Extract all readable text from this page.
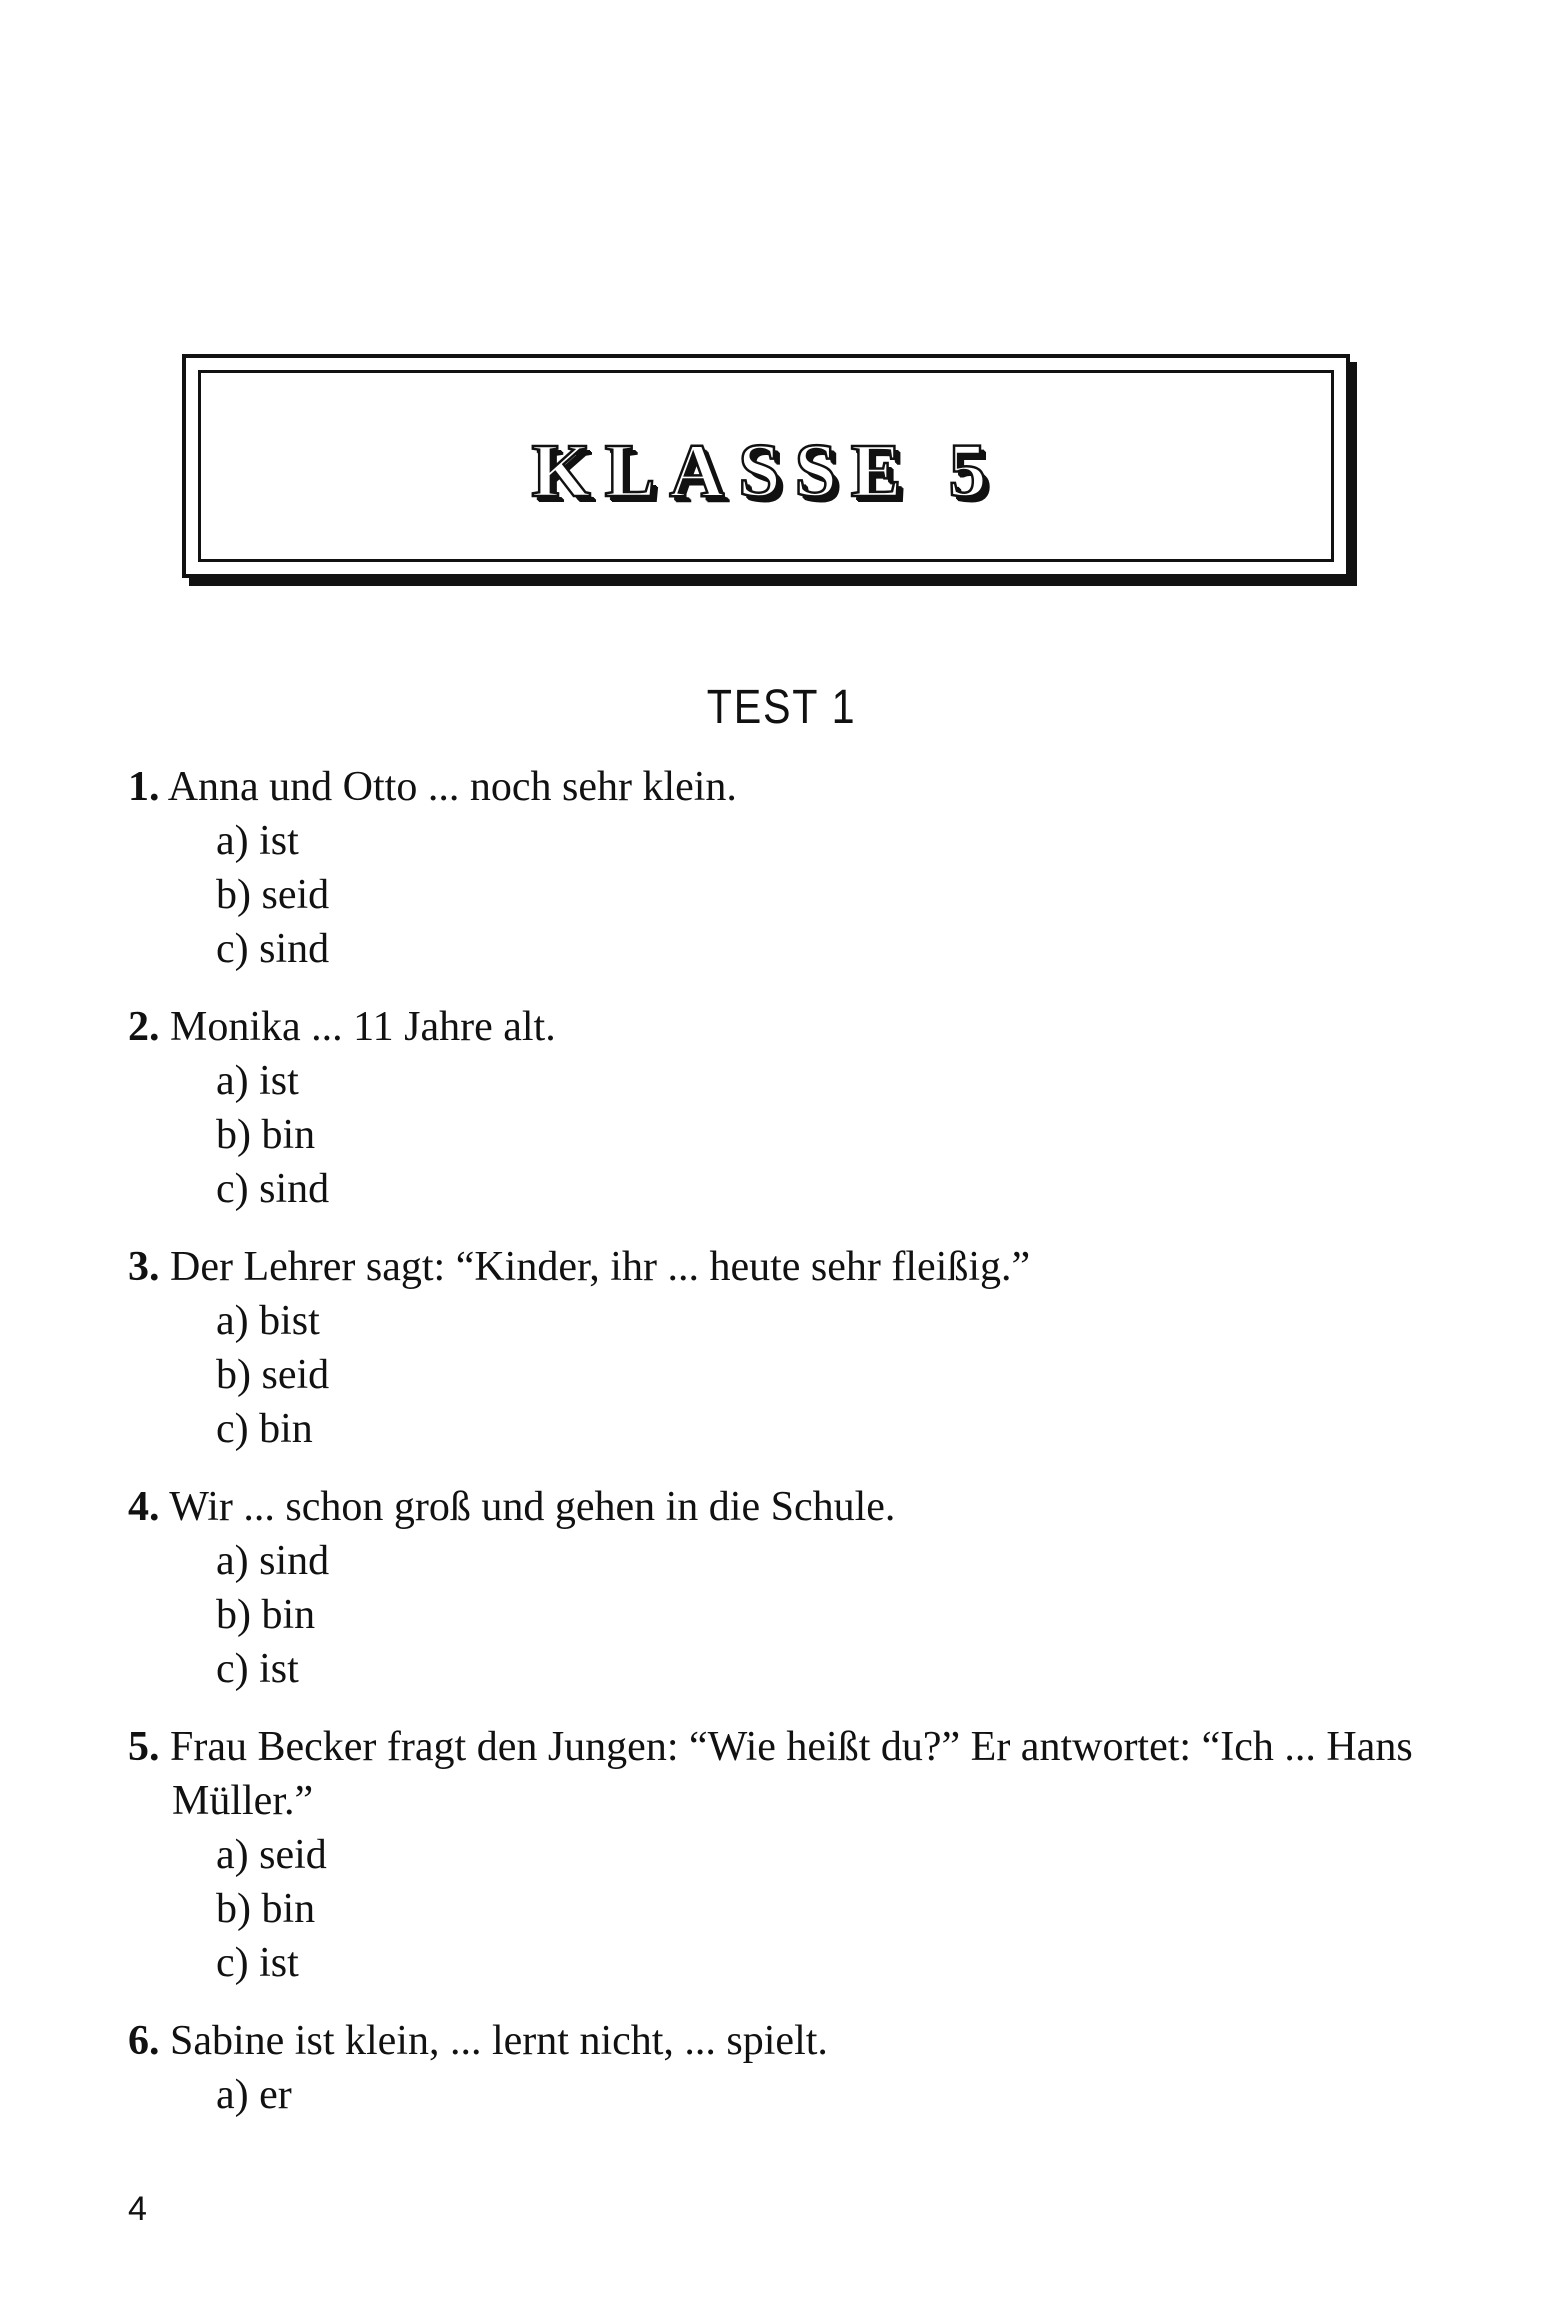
KLASSE 5
TEST 1
1. Anna und Otto ... noch sehr klein.
a) ist
b) seid
c) sind
2. Monika ... 11 Jahre alt.
a) ist
b) bin
c) sind
3. Der Lehrer sagt: “Kinder, ihr ... heute sehr fleißig.”
a) bist
b) seid
c) bin
4. Wir ... schon groß und gehen in die Schule.
a) sind
b) bin
c) ist
5. Frau Becker fragt den Jungen: “Wie heißt du?” Er antwortet: “Ich ... Hans Müller.”
a) seid
b) bin
c) ist
6. Sabine ist klein, ... lernt nicht, ... spielt.
a) er
4
